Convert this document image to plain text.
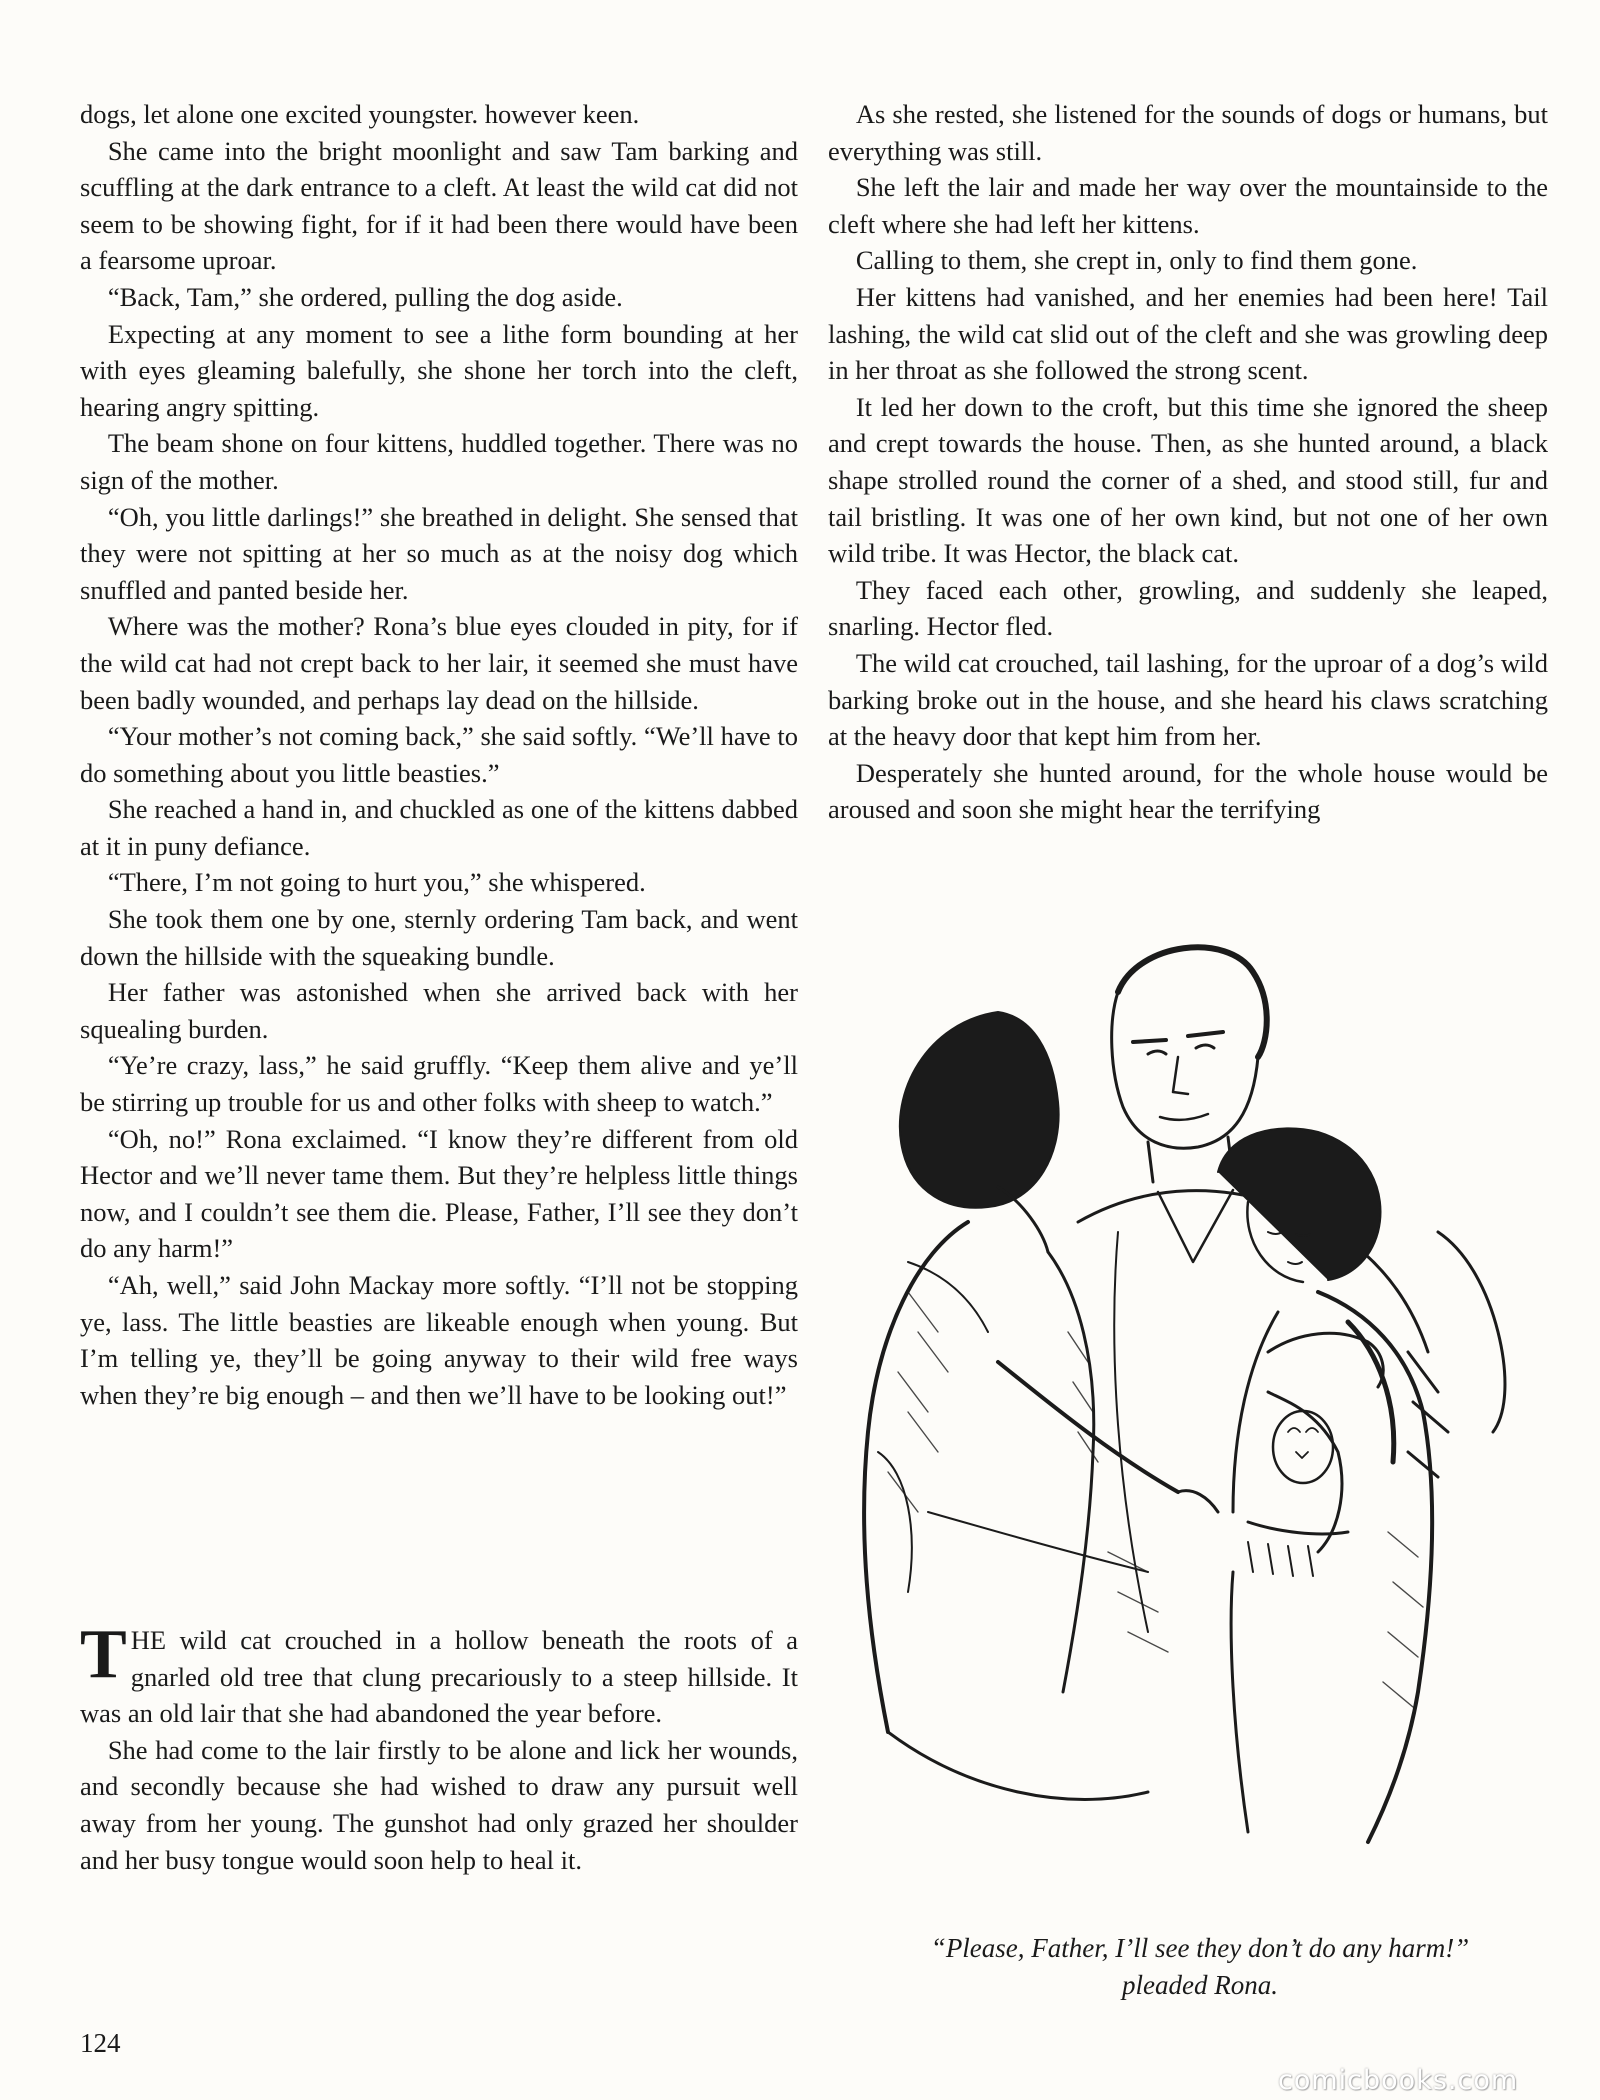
dogs, let alone one excited youngster. however keen.

She came into the bright moonlight and saw Tam barking and scuffling at the dark entrance to a cleft. At least the wild cat did not seem to be showing fight, for if it had been there would have been a fearsome uproar.

“Back, Tam,” she ordered, pulling the dog aside.

Expecting at any moment to see a lithe form bounding at her with eyes gleaming balefully, she shone her torch into the cleft, hearing angry spitting.

The beam shone on four kittens, huddled together. There was no sign of the mother.

“Oh, you little darlings!” she breathed in delight. She sensed that they were not spitting at her so much as at the noisy dog which snuffled and panted beside her.

Where was the mother? Rona’s blue eyes clouded in pity, for if the wild cat had not crept back to her lair, it seemed she must have been badly wounded, and perhaps lay dead on the hillside.

“Your mother’s not coming back,” she said softly. “We’ll have to do something about you little beasties.”

She reached a hand in, and chuckled as one of the kittens dabbed at it in puny defiance.

“There, I’m not going to hurt you,” she whispered.

She took them one by one, sternly ordering Tam back, and went down the hillside with the squeaking bundle.

Her father was astonished when she arrived back with her squealing burden.

“Ye’re crazy, lass,” he said gruffly. “Keep them alive and ye’ll be stirring up trouble for us and other folks with sheep to watch.”

“Oh, no!” Rona exclaimed. “I know they’re different from old Hector and we’ll never tame them. But they’re helpless little things now, and I couldn’t see them die. Please, Father, I’ll see they don’t do any harm!”

“Ah, well,” said John Mackay more softly. “I’ll not be stopping ye, lass. The little beasties are likeable enough when young. But I’m telling ye, they’ll be going anyway to their wild free ways when they’re big enough – and then we’ll have to be looking out!”

THE wild cat crouched in a hollow beneath the roots of a gnarled old tree that clung precariously to a steep hillside. It was an old lair that she had abandoned the year before.

She had come to the lair firstly to be alone and lick her wounds, and secondly because she had wished to draw any pursuit well away from her young. The gunshot had only grazed her shoulder and her busy tongue would soon help to heal it.

As she rested, she listened for the sounds of dogs or humans, but everything was still.

She left the lair and made her way over the mountainside to the cleft where she had left her kittens.

Calling to them, she crept in, only to find them gone.

Her kittens had vanished, and her enemies had been here! Tail lashing, the wild cat slid out of the cleft and she was growling deep in her throat as she followed the strong scent.

It led her down to the croft, but this time she ignored the sheep and crept towards the house. Then, as she hunted around, a black shape strolled round the corner of a shed, and stood still, fur and tail bristling. It was one of her own kind, but not one of her own wild tribe. It was Hector, the black cat.

They faced each other, growling, and suddenly she leaped, snarling. Hector fled.

The wild cat crouched, tail lashing, for the uproar of a dog’s wild barking broke out in the house, and she heard his claws scratching at the heavy door that kept him from her.

Desperately she hunted around, for the whole house would be aroused and soon she might hear the terrifying

“Please, Father, I’ll see they don’t do any harm!”
pleaded Rona.
124
comicbooks.com
